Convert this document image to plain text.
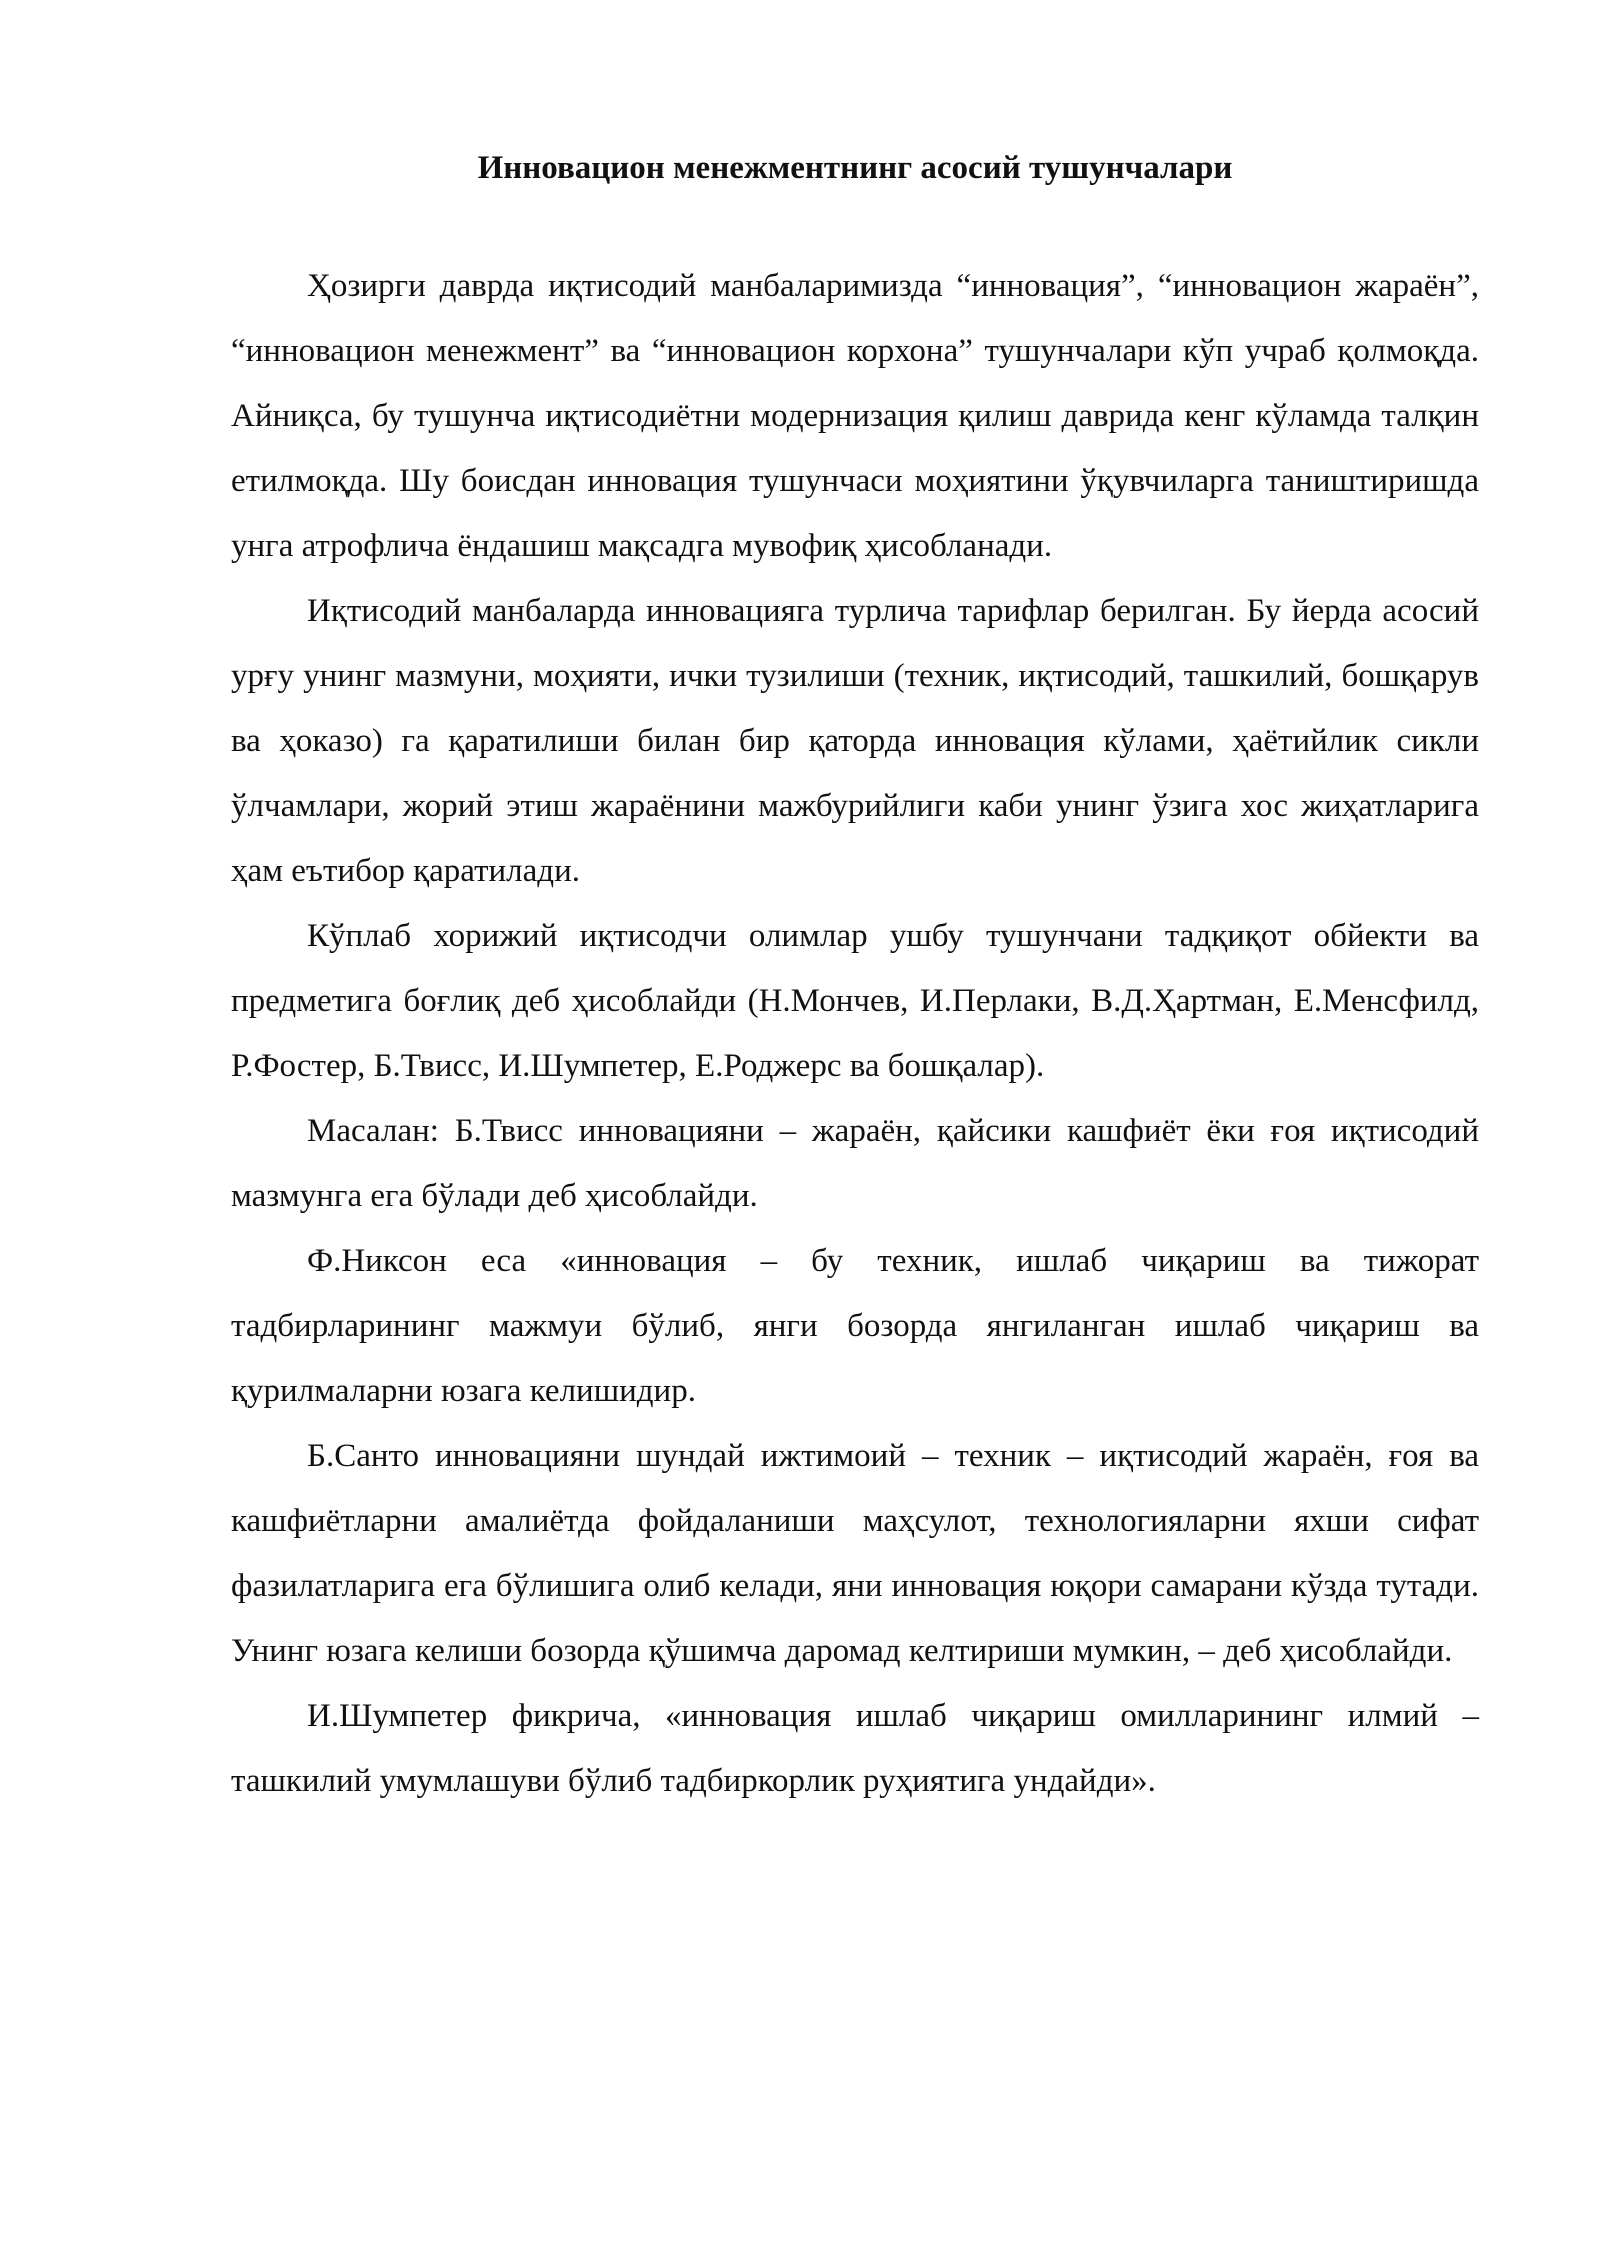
Инновацион менежментнинг асосий тушунчалари

Ҳозирги даврда иқтисодий манбаларимизда “инновация”, “инновацион жараён”, “инновацион менежмент” ва “инновацион корхона” тушунчалари кўп учраб қолмоқда. Айниқса, бу тушунча иқтисодиётни модернизация қилиш даврида кенг кўламда талқин етилмоқда. Шу боисдан инновация тушунчаси моҳиятини ўқувчиларга таништиришда унга атрофлича ёндашиш мақсадга мувофиқ ҳисобланади.

Иқтисодий манбаларда инновацияга турлича тарифлар берилган. Бу йерда асосий урғу унинг мазмуни, моҳияти, ички тузилиши (техник, иқтисодий, ташкилий, бошқарув ва ҳоказо) га қаратилиши билан бир қаторда инновация кўлами, ҳаётийлик сикли ўлчамлари, жорий этиш жараёнини мажбурийлиги каби унинг ўзига хос жиҳатларига ҳам еътибор қаратилади.

Кўплаб хорижий иқтисодчи олимлар ушбу тушунчани тадқиқот обйекти ва предметига боғлиқ деб ҳисоблайди (Н.Мончев, И.Перлаки, В.Д.Ҳартман, Е.Менсфилд, Р.Фостер, Б.Твисс, И.Шумпетер, Е.Роджерс ва бошқалар).

Масалан: Б.Твисс инновацияни – жараён, қайсики кашфиёт ёки ғоя иқтисодий мазмунга ега бўлади деб ҳисоблайди.

Ф.Никсон еса «инновация – бу техник, ишлаб чиқариш ва тижорат тадбирларининг мажмуи бўлиб, янги бозорда янгиланган ишлаб чиқариш ва қурилмаларни юзага келишидир.

Б.Санто инновацияни шундай ижтимоий – техник – иқтисодий жараён, ғоя ва кашфиётларни амалиётда фойдаланиши маҳсулот, технологияларни яхши сифат фазилатларига ега бўлишига олиб келади, яни инновация юқори самарани кўзда тутади. Унинг юзага келиши бозорда қўшимча даромад келтириши мумкин, – деб ҳисоблайди.

И.Шумпетер фикрича, «инновация ишлаб чиқариш омилларининг илмий – ташкилий умумлашуви бўлиб тадбиркорлик руҳиятига ундайди».
